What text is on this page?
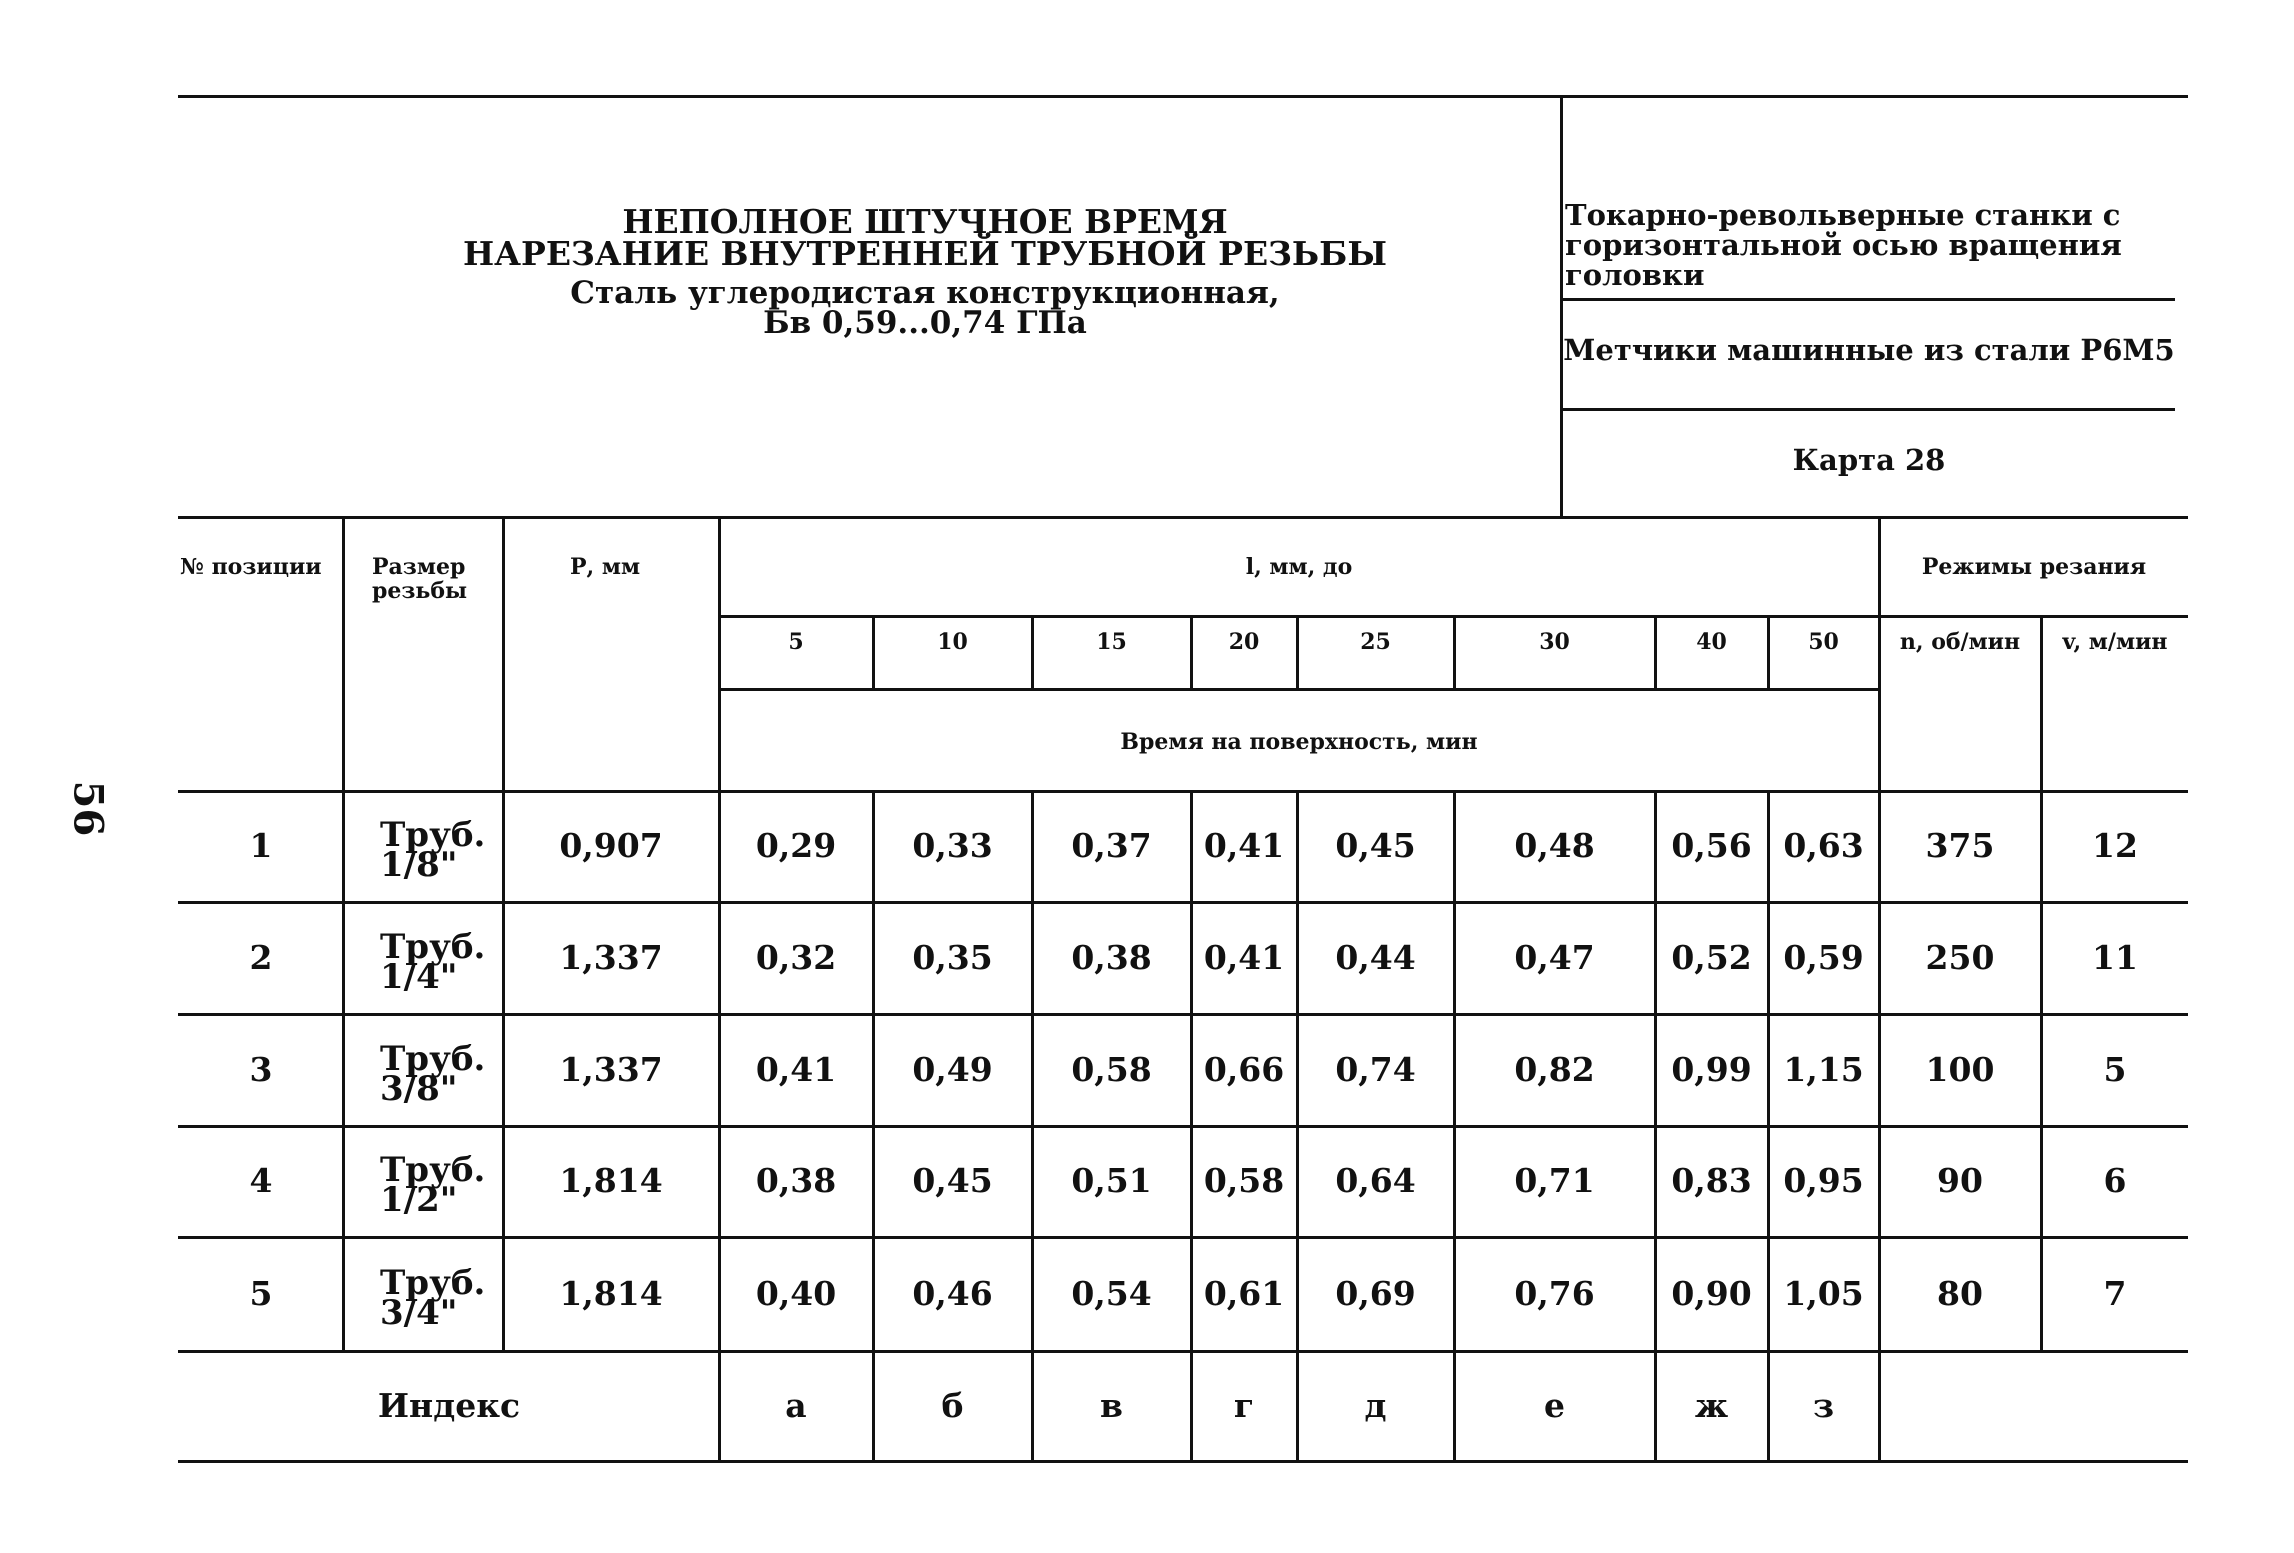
56
НЕПОЛНОЕ ШТУЧНОЕ ВРЕМЯ
НАРЕЗАНИЕ ВНУТРЕННЕЙ ТРУБНОЙ РЕЗЬБЫ
Сталь углеродистая конструкционная,
Бв 0,59...0,74 ГПа
Токарно-револьверные станки с горизонтальной осью вращения головки
Метчики машинные из стали Р6М5
Карта 28
№ позиции	Размер резьбы
Р, мм	l, мм, до	Режимы резания
5	10	15	20	25	30	40	50	n, об/мин	v, м/мин
Время на поверхность, мин
1	Труб. 1/8"	0,907	0,29	0,33	0,37	0,41	0,45	0,48	0,56 0,63	375	12
2	Труб. 1/4"	1,337	0,32	0,35	0,38	0,41	0,44	0,47	0,52 0,59	250	11
3	Труб. 3/8"	1,337	0,41	0,49	0,58	0,66	0,74	0,82	0,99 1,15	100	5
4	Труб. 1/2"	1,814	0,38	0,45	0,51	0,58	0,64	0,71	0,83 0,95	90	6
5	Труб. 3/4"	1,814	0,40	0,46	0,54	0,61	0,69	0,76	0,90 1,05	80	7
Индекс	а	б	в	г	д	е	ж	з
